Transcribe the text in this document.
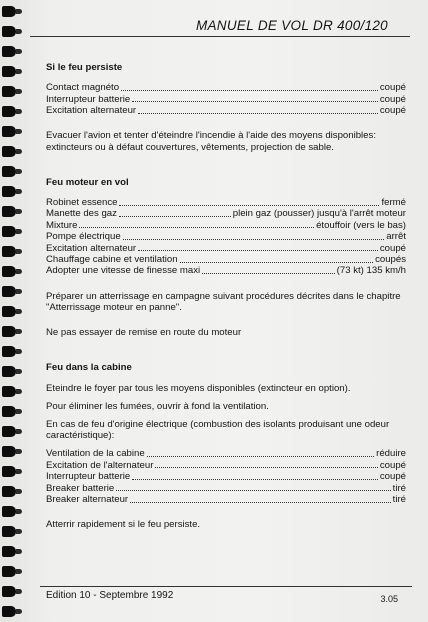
MANUEL DE VOL DR 400/120
Si le feu persiste
Contact magnéto	coupé
Interrupteur batterie	coupé
Excitation alternateur	coupé
Evacuer l'avion et tenter d'éteindre l'incendie à l'aide des moyens disponibles: extincteurs ou à défaut couvertures, vêtements, projection de sable.
Feu moteur en vol
Robinet essence	fermé
Manette des gaz	plein gaz (pousser) jusqu'à l'arrêt moteur
Mixture	étouffoir (vers le bas)
Pompe électrique	arrêt
Excitation alternateur	coupé
Chauffage cabine et ventilation	coupés
Adopter une vitesse de finesse maxi	(73 kt) 135 km/h
Préparer un atterrissage en campagne suivant procédures décrites dans le chapitre "Atterrissage moteur en panne".
Ne pas essayer de remise en route du moteur
Feu dans la cabine
Eteindre le foyer par tous les moyens disponibles (extincteur en option).
Pour éliminer les fumées, ouvrir à fond la ventilation.
En cas de feu d'origine électrique (combustion des isolants produisant une odeur caractéristique):
Ventilation de la cabine	réduire
Excitation de l'alternateur	coupé
Interrupteur batterie	coupé
Breaker batterie	tiré
Breaker alternateur	tiré
Atterrir rapidement si le feu persiste.
Edition 10 - Septembre 1992	3.05
